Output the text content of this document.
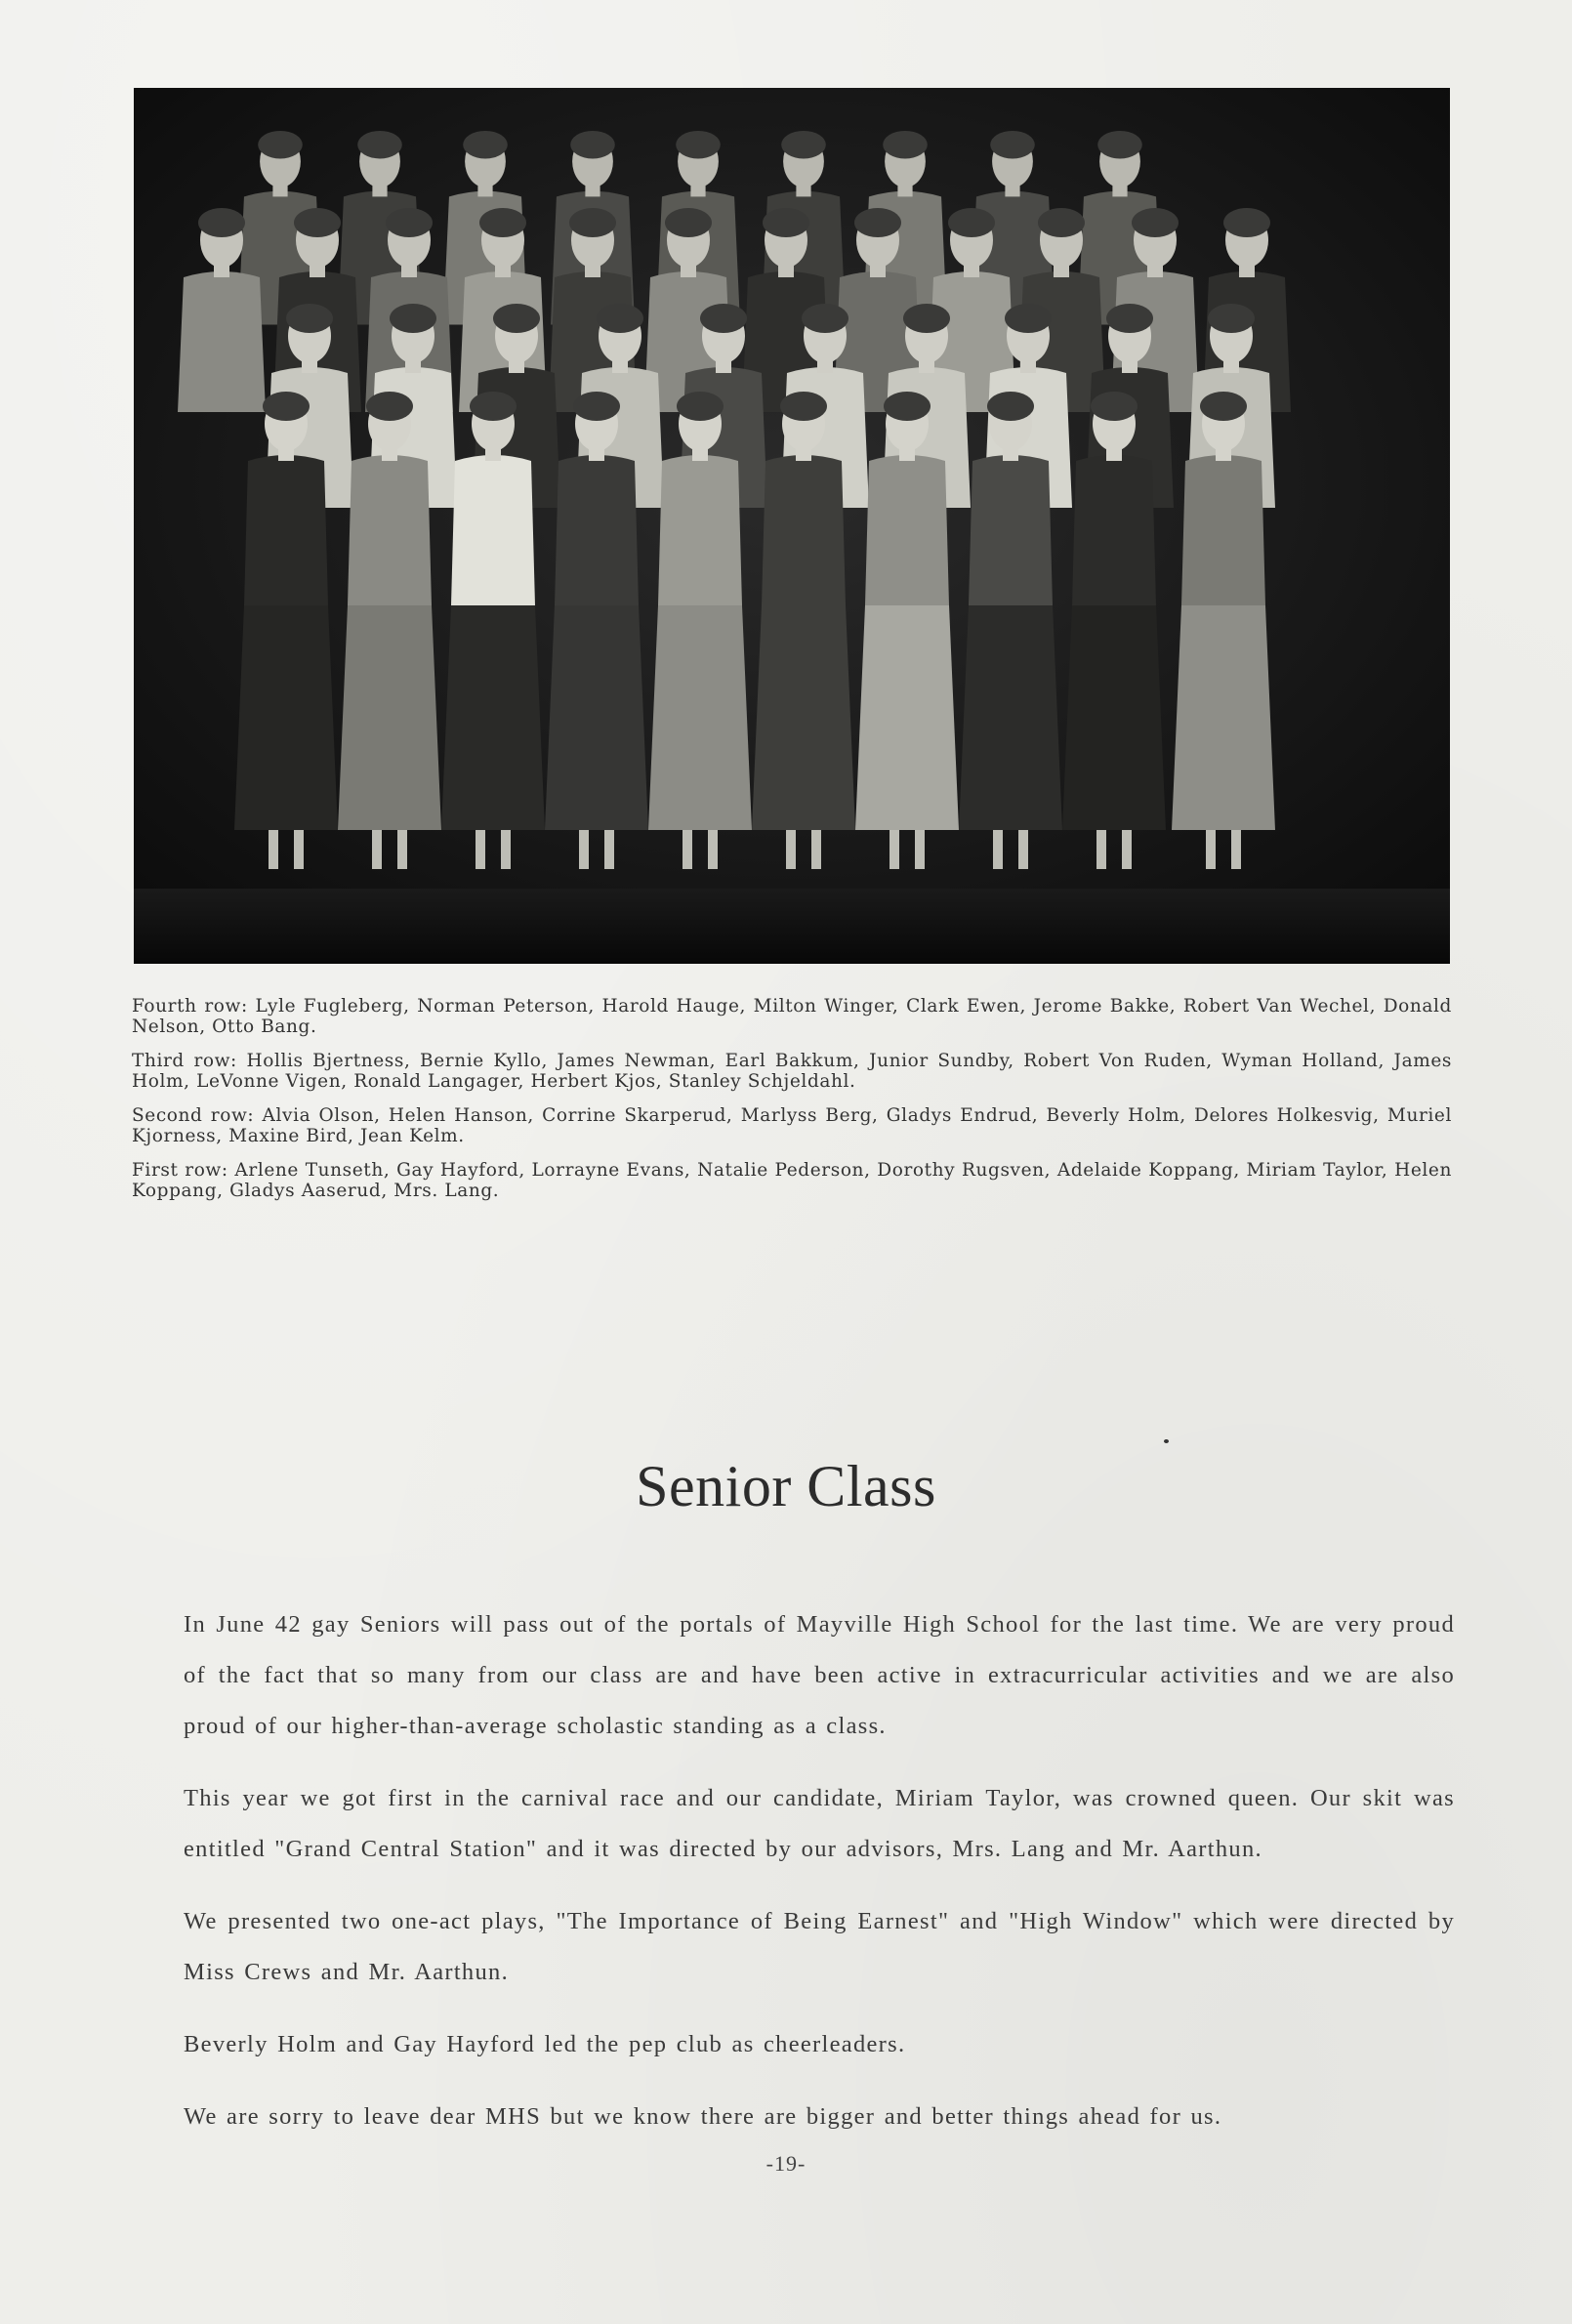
Fourth row: Lyle Fugleberg, Norman Peterson, Harold Hauge, Milton Winger, Clark Ewen, Jerome Bakke, Robert Van Wechel, Donald Nelson, Otto Bang.

Third row: Hollis Bjertness, Bernie Kyllo, James Newman, Earl Bakkum, Junior Sundby, Robert Von Ruden, Wyman Holland, James Holm, LeVonne Vigen, Ronald Langager, Herbert Kjos, Stanley Schjeldahl.

Second row: Alvia Olson, Helen Hanson, Corrine Skarperud, Marlyss Berg, Gladys Endrud, Beverly Holm, Delores Holkesvig, Muriel Kjorness, Maxine Bird, Jean Kelm.

First row: Arlene Tunseth, Gay Hayford, Lorrayne Evans, Natalie Pederson, Dorothy Rugsven, Adelaide Koppang, Miriam Taylor, Helen Koppang, Gladys Aaserud, Mrs. Lang.

Senior Class

In June 42 gay Seniors will pass out of the portals of Mayville High School for the last time. We are very proud of the fact that so many from our class are and have been active in extracurricular activities and we are also proud of our higher-than-average scholastic standing as a class.

This year we got first in the carnival race and our candidate, Miriam Taylor, was crowned queen. Our skit was entitled "Grand Central Station" and it was directed by our advisors, Mrs. Lang and Mr. Aarthun.

We presented two one-act plays, "The Importance of Being Earnest" and "High Window" which were directed by Miss Crews and Mr. Aarthun.

Beverly Holm and Gay Hayford led the pep club as cheerleaders.

We are sorry to leave dear MHS but we know there are bigger and better things ahead for us.

-19-
